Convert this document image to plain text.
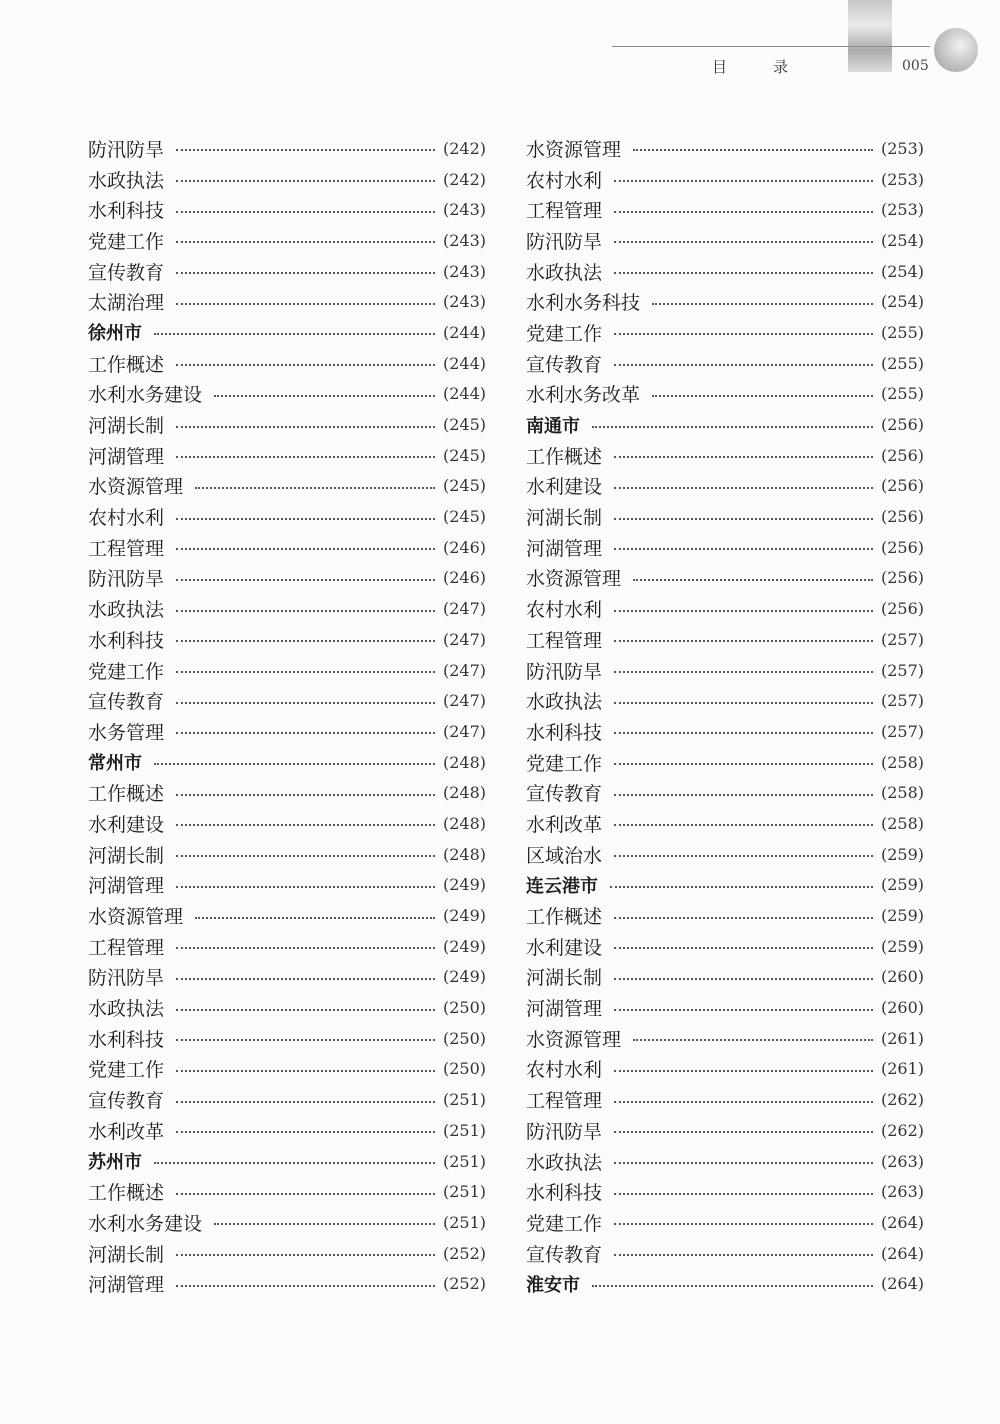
目录	005
防汛防旱	(242)
水政执法	(242)
水利科技	(243)
党建工作	(243)
宣传教育	(243)
太湖治理	(243)
徐州市	(244)
工作概述	(244)
水利水务建设	(244)
河湖长制	(245)
河湖管理	(245)
水资源管理	(245)
农村水利	(245)
工程管理	(246)
防汛防旱	(246)
水政执法	(247)
水利科技	(247)
党建工作	(247)
宣传教育	(247)
水务管理	(247)
常州市	(248)
工作概述	(248)
水利建设	(248)
河湖长制	(248)
河湖管理	(249)
水资源管理	(249)
工程管理	(249)
防汛防旱	(249)
水政执法	(250)
水利科技	(250)
党建工作	(250)
宣传教育	(251)
水利改革	(251)
苏州市	(251)
工作概述	(251)
水利水务建设	(251)
河湖长制	(252)
河湖管理	(252)
水资源管理	(253)
农村水利	(253)
工程管理	(253)
防汛防旱	(254)
水政执法	(254)
水利水务科技	(254)
党建工作	(255)
宣传教育	(255)
水利水务改革	(255)
南通市	(256)
工作概述	(256)
水利建设	(256)
河湖长制	(256)
河湖管理	(256)
水资源管理	(256)
农村水利	(256)
工程管理	(257)
防汛防旱	(257)
水政执法	(257)
水利科技	(257)
党建工作	(258)
宣传教育	(258)
水利改革	(258)
区域治水	(259)
连云港市	(259)
工作概述	(259)
水利建设	(259)
河湖长制	(260)
河湖管理	(260)
水资源管理	(261)
农村水利	(261)
工程管理	(262)
防汛防旱	(262)
水政执法	(263)
水利科技	(263)
党建工作	(264)
宣传教育	(264)
淮安市	(264)
